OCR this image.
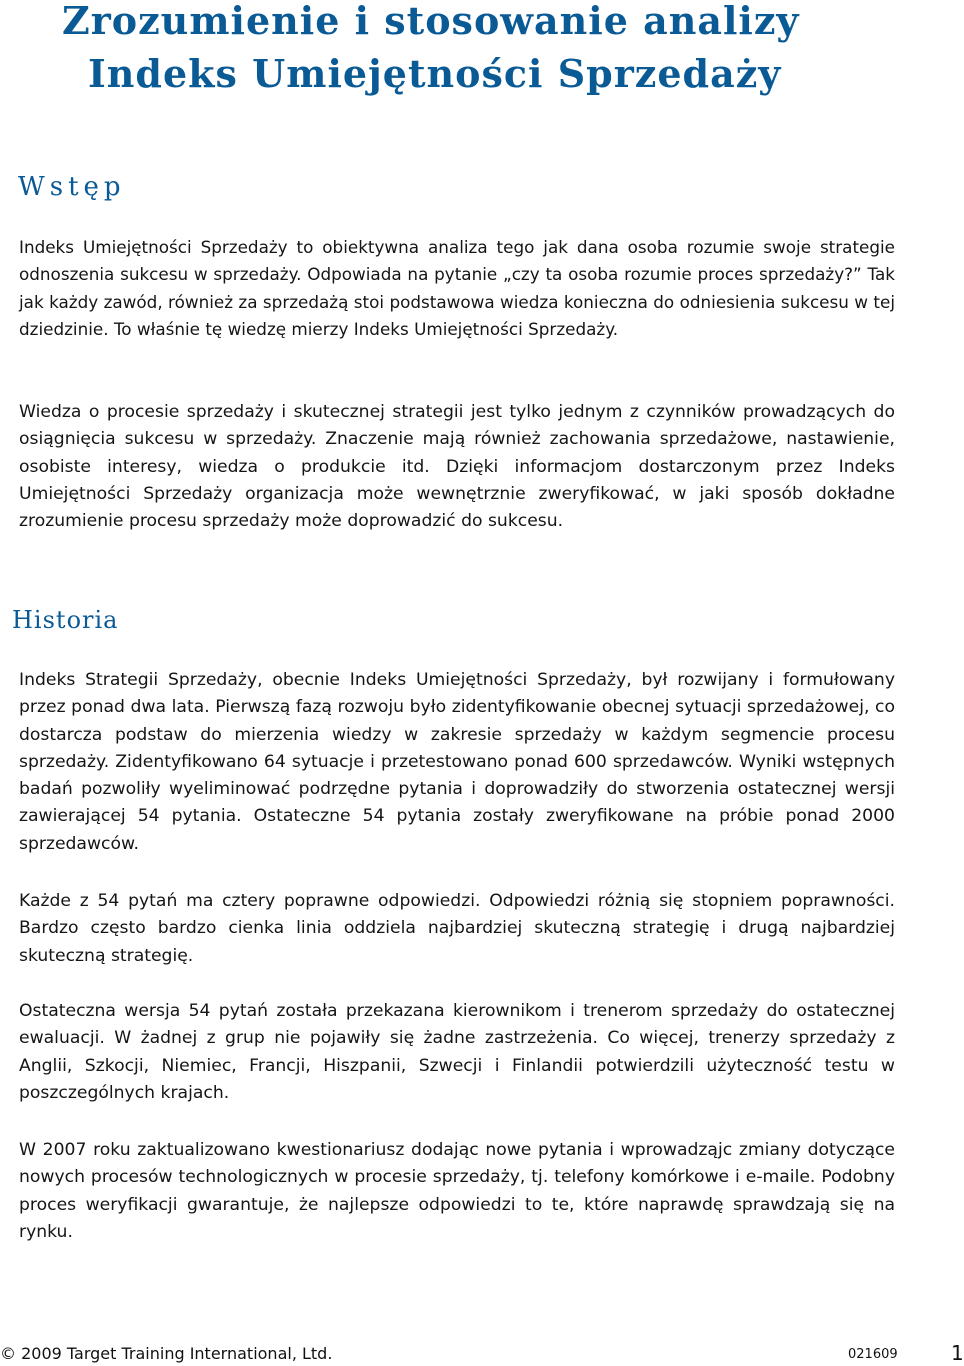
Zrozumienie i stosowanie analizy
Indeks Umiejętności Sprzedaży
Wstęp

Indeks Umiejętności Sprzedaży to obiektywna analiza tego jak dana osoba rozumie swoje strategie odnoszenia sukcesu w sprzedaży. Odpowiada na pytanie „czy ta osoba rozumie proces sprzedaży?” Tak jak każdy zawód, również za sprzedażą stoi podstawowa wiedza konieczna do odniesienia sukcesu w tej dziedzinie. To właśnie tę wiedzę mierzy Indeks Umiejętności Sprzedaży.

Wiedza o procesie sprzedaży i skutecznej strategii jest tylko jednym z czynników prowadzących do osiągnięcia sukcesu w sprzedaży. Znaczenie mają również zachowania sprzedażowe, nastawienie, osobiste interesy, wiedza o produkcie itd. Dzięki informacjom dostarczonym przez Indeks Umiejętności Sprzedaży organizacja może wewnętrznie zweryfikować, w jaki sposób dokładne zrozumienie procesu sprzedaży może doprowadzić do sukcesu.

Historia

Indeks Strategii Sprzedaży, obecnie Indeks Umiejętności Sprzedaży, był rozwijany i formułowany przez ponad dwa lata. Pierwszą fazą rozwoju było zidentyfikowanie obecnej sytuacji sprzedażowej, co dostarcza podstaw do mierzenia wiedzy w zakresie sprzedaży w każdym segmencie procesu sprzedaży. Zidentyfikowano 64 sytuacje i przetestowano ponad 600 sprzedawców. Wyniki wstępnych badań pozwoliły wyeliminować podrzędne pytania i doprowadziły do stworzenia ostatecznej wersji zawierającej 54 pytania. Ostateczne 54 pytania zostały zweryfikowane na próbie ponad 2000 sprzedawców.

Każde z 54 pytań ma cztery poprawne odpowiedzi. Odpowiedzi różnią się stopniem poprawności. Bardzo często bardzo cienka linia oddziela najbardziej skuteczną strategię i drugą najbardziej skuteczną strategię.

Ostateczna wersja 54 pytań została przekazana kierownikom i trenerom sprzedaży do ostatecznej ewaluacji. W żadnej z grup nie pojawiły się żadne zastrzeżenia. Co więcej, trenerzy sprzedaży z Anglii, Szkocji, Niemiec, Francji, Hiszpanii, Szwecji i Finlandii potwierdzili użyteczność testu w poszczególnych krajach.

W 2007 roku zaktualizowano kwestionariusz dodając nowe pytania i wprowadząjc zmiany dotyczące nowych procesów technologicznych w procesie sprzedaży, tj. telefony komórkowe i e-maile. Podobny proces weryfikacji gwarantuje, że najlepsze odpowiedzi to te, które naprawdę sprawdzają się na rynku.

© 2009 Target Training International, Ltd.	021609	1
